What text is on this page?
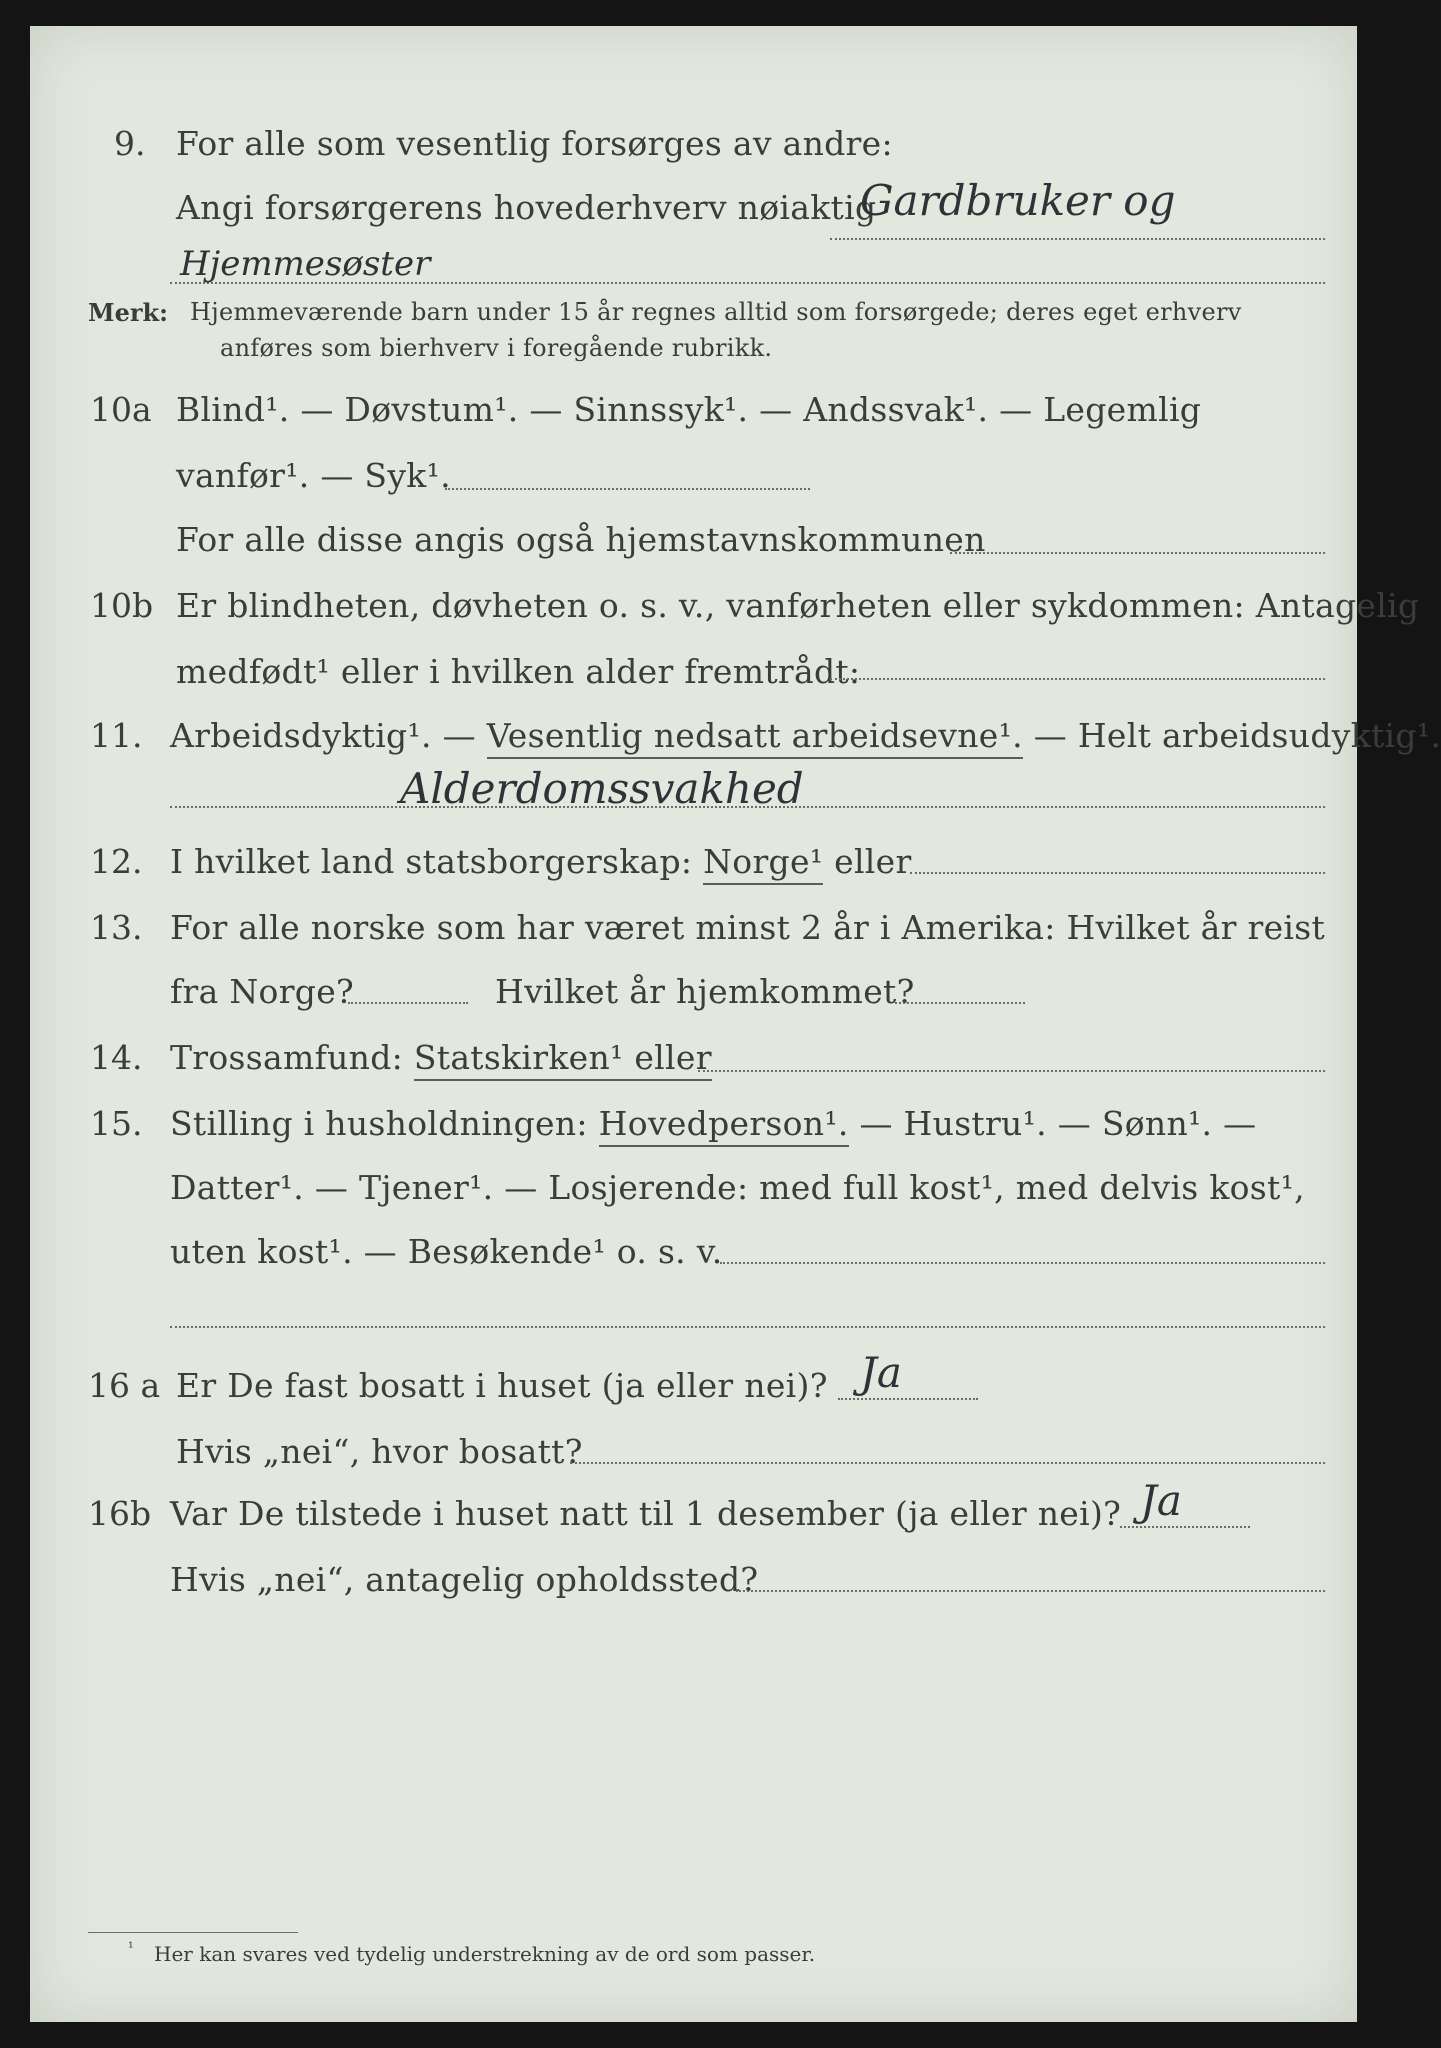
9. For alle som vesentlig forsørges av andre:
Angi forsørgerens hovederhverv nøiaktig
Gardbruker og
Hjemmesøster
Merk: Hjemmeværende barn under 15 år regnes alltid som forsørgede; deres eget erhverv
anføres som bierhverv i foregående rubrikk.
10a Blind¹. — Døvstum¹. — Sinnssyk¹. — Andssvak¹. — Legemlig
vanfør¹. — Syk¹.
For alle disse angis også hjemstavnskommunen
10b Er blindheten, døvheten o. s. v., vanførheten eller sykdommen: Antagelig
medfødt¹ eller i hvilken alder fremtrådt:
11. Arbeidsdyktig¹. — Vesentlig nedsatt arbeidsevne¹. — Helt arbeidsudyktig¹.
Alderdomssvakhed
12. I hvilket land statsborgerskap: Norge¹ eller
13. For alle norske som har været minst 2 år i Amerika: Hvilket år reist
fra Norge?	Hvilket år hjemkommet?
14. Trossamfund: Statskirken¹ eller
15. Stilling i husholdningen: Hovedperson¹. — Hustru¹. — Sønn¹. —
Datter¹. — Tjener¹. — Losjerende: med full kost¹, med delvis kost¹,
uten kost¹. — Besøkende¹ o. s. v.
16 a Er De fast bosatt i huset (ja eller nei)? Ja
Hvis „nei“, hvor bosatt?
16b Var De tilstede i huset natt til 1 desember (ja eller nei)? Ja
Hvis „nei“, antagelig opholdssted?
¹ Her kan svares ved tydelig understrekning av de ord som passer.
